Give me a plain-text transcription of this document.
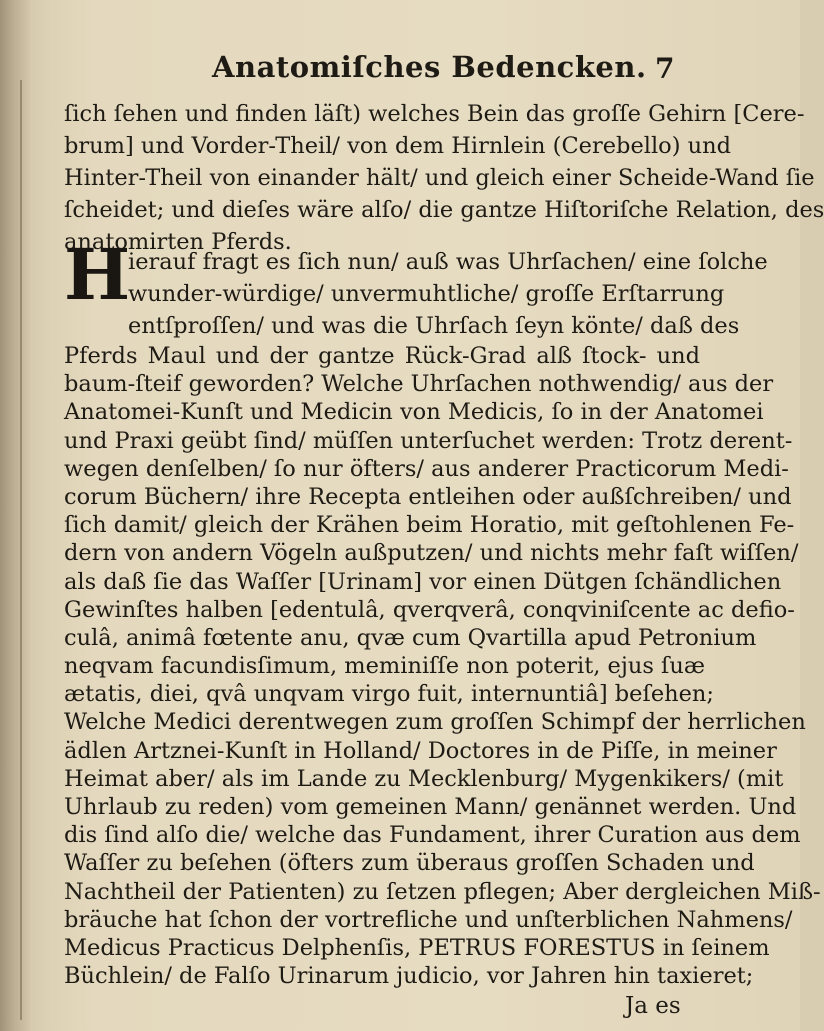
Anatomiſches Bedencken. 7
ſich ſehen und finden läſt) welches Bein das groſſe Gehirn [Cere-
brum] und Vorder-Theil/ von dem Hirnlein (Cerebello) und
Hinter-Theil von einander hält/ und gleich einer Scheide-Wand ſie
ſcheidet; und dieſes wäre alſo/ die gantze Hiſtoriſche Relation, des
anatomirten Pferds.
H
ierauf fragt es ſich nun/ auß was Uhrſachen/ eine ſolche
wunder-würdige/ unvermuhtliche/ groſſe Erſtarrung
entſproſſen/ und was die Uhrſach ſeyn könte/ daß des
Pferds Maul und der gantze Rück-Grad alß ſtock- und
baum-ſteif geworden? Welche Uhrſachen nothwendig/ aus der
Anatomei-Kunſt und Medicin von Medicis, ſo in der Anatomei
und Praxi geübt ſind/ müſſen unterſuchet werden: Trotz derent-
wegen denſelben/ ſo nur öfters/ aus anderer Practicorum Medi-
corum Büchern/ ihre Recepta entleihen oder außſchreiben/ und
ſich damit/ gleich der Krähen beim Horatio, mit geſtohlenen Fe-
dern von andern Vögeln außputzen/ und nichts mehr faſt wiſſen/
als daß ſie das Waſſer [Urinam] vor einen Dütgen ſchändlichen
Gewinſtes halben [edentulâ, qverqverâ, conqviniſcente ac defio-
culâ, animâ fœtente anu, qvæ cum Qvartilla apud Petronium
neqvam facundisſimum, meminiſſe non poterit, ejus ſuæ
ætatis, diei, qvâ unqvam virgo fuit, internuntiâ] beſehen;
Welche Medici derentwegen zum groſſen Schimpf der herrlichen
ädlen Artznei-Kunſt in Holland/ Doctores in de Piſſe, in meiner
Heimat aber/ als im Lande zu Mecklenburg/ Mygenkikers/ (mit
Uhrlaub zu reden) vom gemeinen Mann/ genännet werden. Und
dis ſind alſo die/ welche das Fundament, ihrer Curation aus dem
Waſſer zu beſehen (öfters zum überaus groſſen Schaden und
Nachtheil der Patienten) zu ſetzen pflegen; Aber dergleichen Miß-
bräuche hat ſchon der vortrefliche und unſterblichen Nahmens/
Medicus Practicus Delphenſis, PETRUS FORESTUS in ſeinem
Büchlein/ de Falſo Urinarum judicio, vor Jahren hin taxieret;
Ja es
